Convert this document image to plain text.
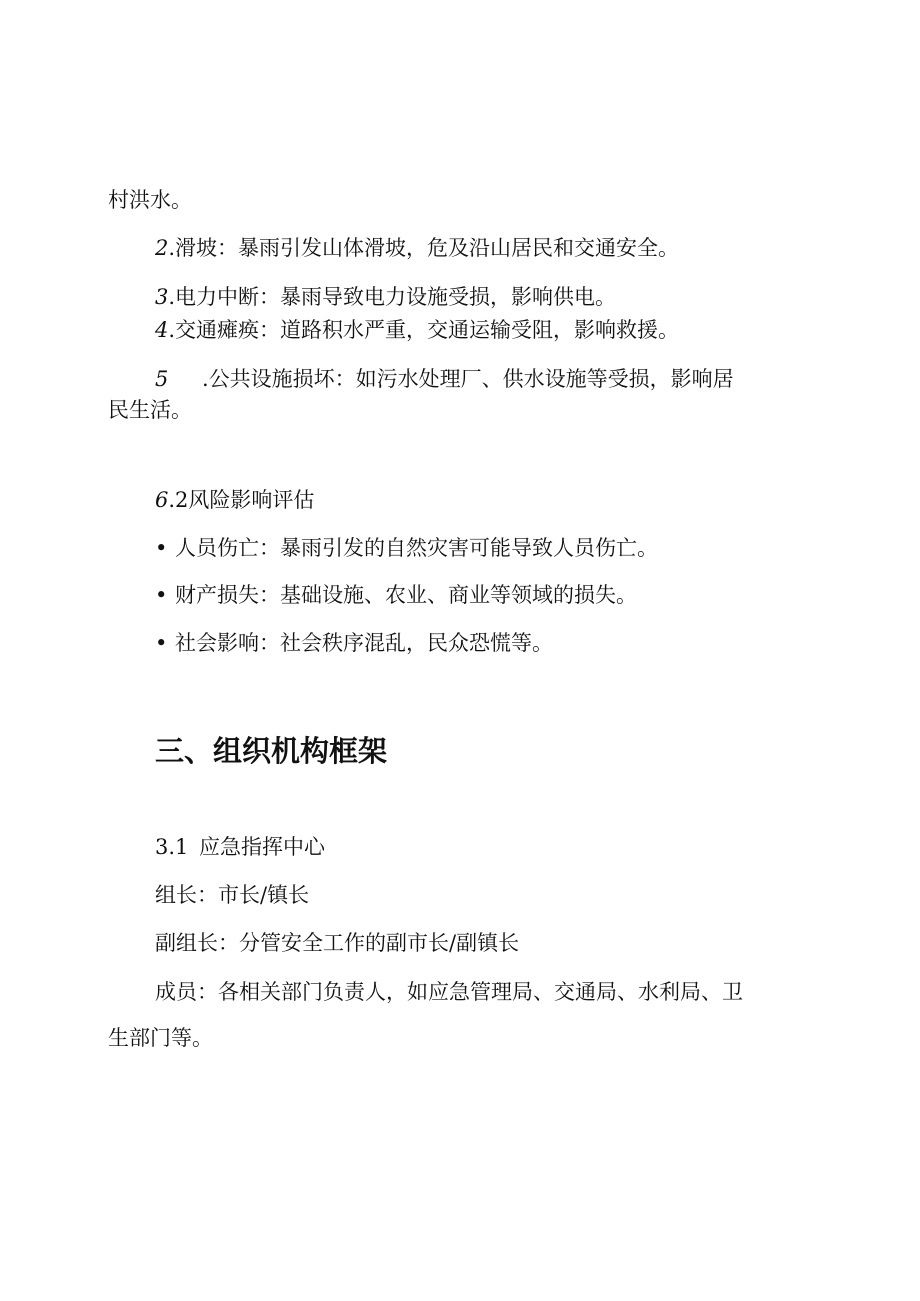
村洪水。
2.滑坡：暴雨引发山体滑坡，危及沿山居民和交通安全。
3.电力中断：暴雨导致电力设施受损，影响供电。
4.交通瘫痪：道路积水严重，交通运输受阻，影响救援。
5 .公共设施损坏：如污水处理厂、供水设施等受损，影响居
民生活。
6.2风险影响评估
• 人员伤亡：暴雨引发的自然灾害可能导致人员伤亡。
• 财产损失：基础设施、农业、商业等领域的损失。
• 社会影响：社会秩序混乱，民众恐慌等。
三、组织机构框架
3.1 应急指挥中心
组长：市长/镇长
副组长：分管安全工作的副市长/副镇长
成员：各相关部门负责人，如应急管理局、交通局、水利局、卫
生部门等。
